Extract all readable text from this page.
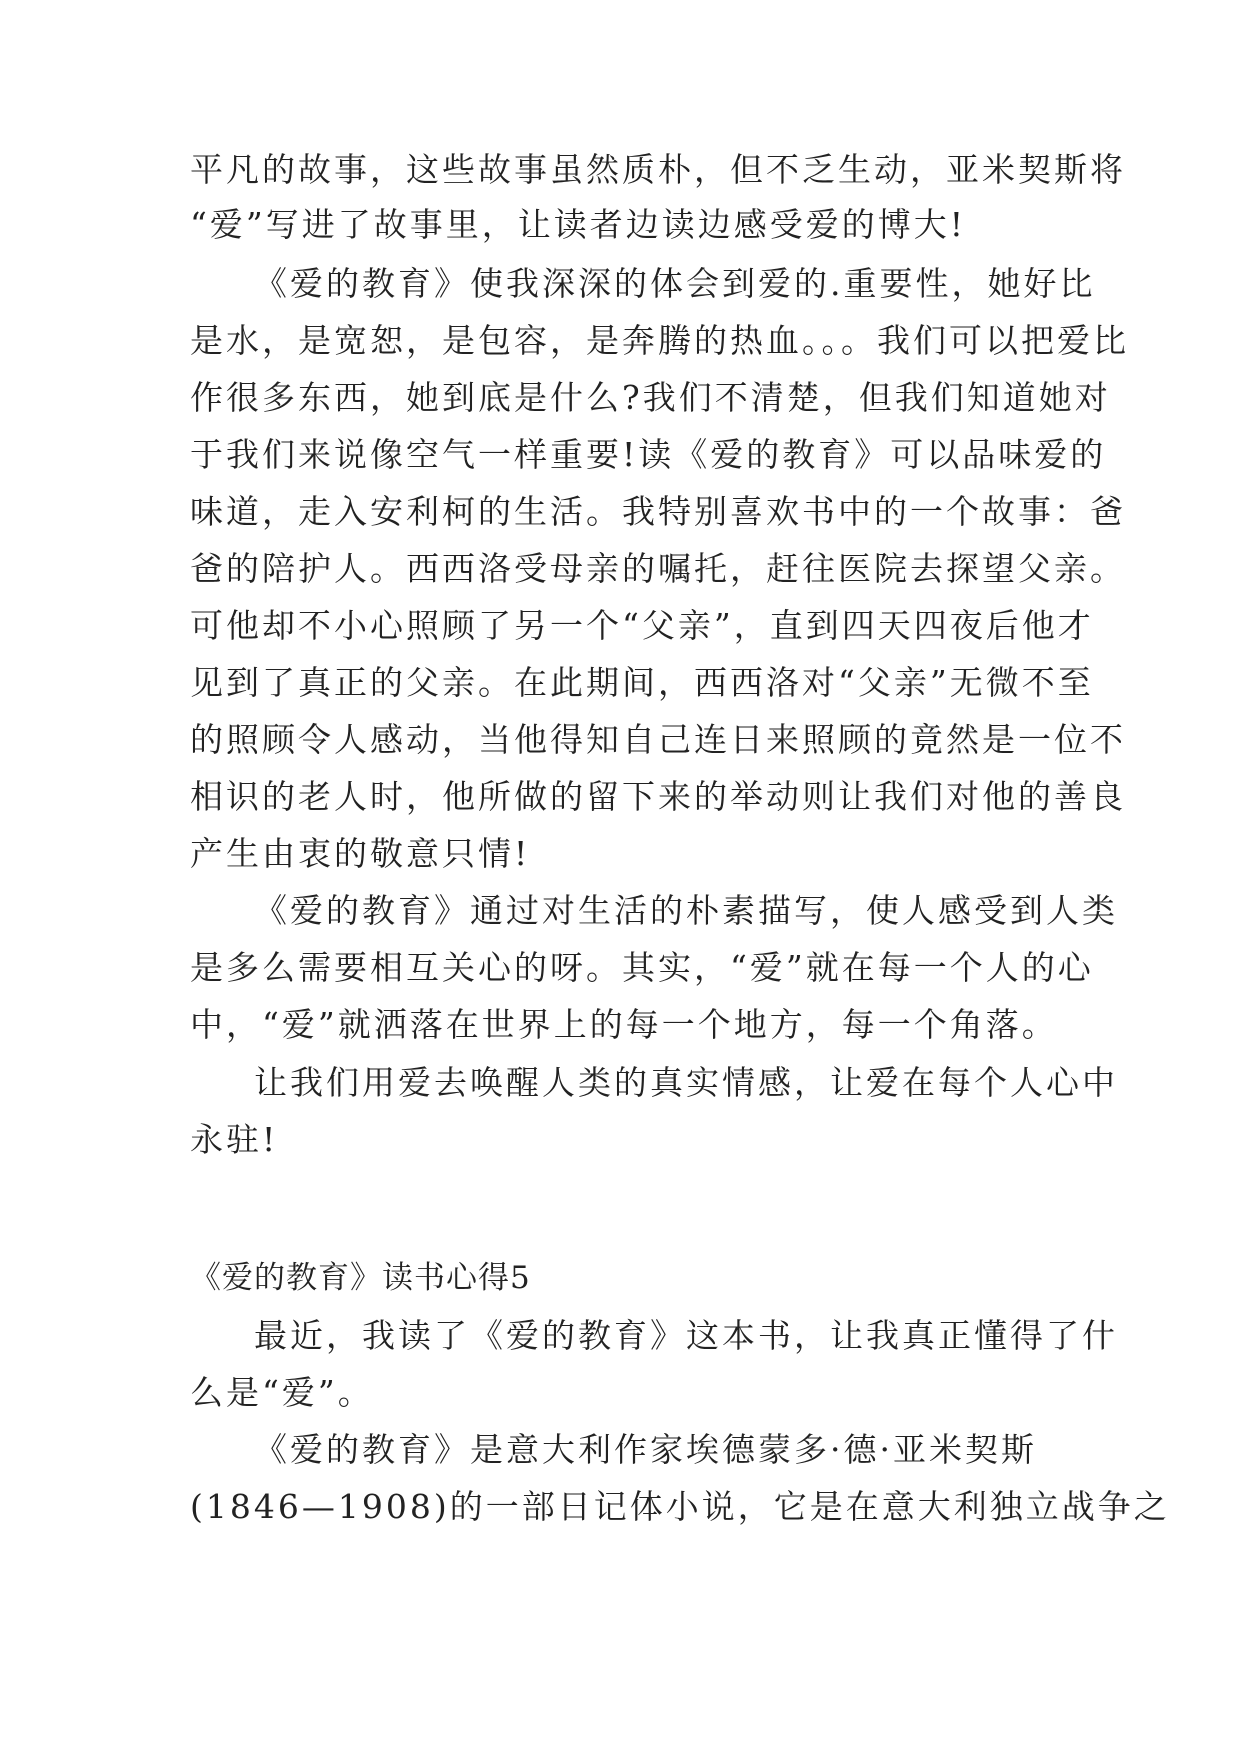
平凡的故事，这些故事虽然质朴，但不乏生动，亚米契斯将
“爱”写进了故事里，让读者边读边感受爱的博大!
《爱的教育》使我深深的体会到爱的.重要性，她好比
是水，是宽恕，是包容，是奔腾的热血。。。我们可以把爱比
作很多东西，她到底是什么?我们不清楚，但我们知道她对
于我们来说像空气一样重要!读《爱的教育》可以品味爱的
味道，走入安利柯的生活。我特别喜欢书中的一个故事：爸
爸的陪护人。西西洛受母亲的嘱托，赶往医院去探望父亲。
可他却不小心照顾了另一个“父亲”，直到四天四夜后他才
见到了真正的父亲。在此期间，西西洛对“父亲”无微不至
的照顾令人感动，当他得知自己连日来照顾的竟然是一位不
相识的老人时，他所做的留下来的举动则让我们对他的善良
产生由衷的敬意只情!
《爱的教育》通过对生活的朴素描写，使人感受到人类
是多么需要相互关心的呀。其实，“爱”就在每一个人的心
中，“爱”就洒落在世界上的每一个地方，每一个角落。
让我们用爱去唤醒人类的真实情感，让爱在每个人心中
永驻!
《爱的教育》读书心得5
最近，我读了《爱的教育》这本书，让我真正懂得了什
么是“爱”。
《爱的教育》是意大利作家埃德蒙多·德·亚米契斯
(1846—1908)的一部日记体小说，它是在意大利独立战争之
